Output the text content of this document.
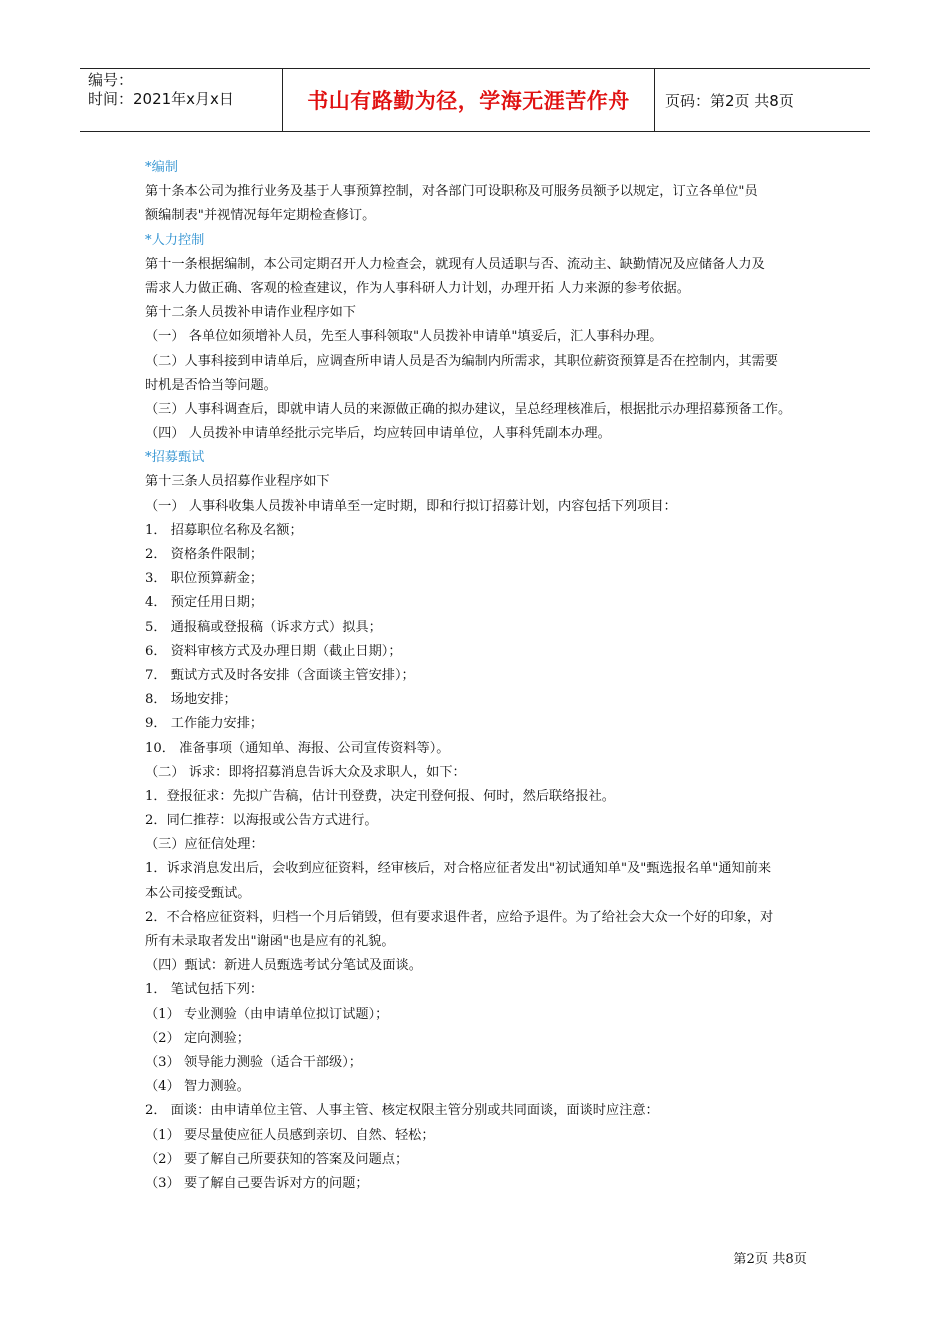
编号：
时间：2021年x月x日	书山有路勤为径，学海无涯苦作舟 页码：第2页 共8页
*编制
第十条本公司为推行业务及基于人事预算控制，对各部门可设职称及可服务员额予以规定，订立各单位"员
额编制表"并视情况每年定期检查修订。
*人力控制
第十一条根据编制，本公司定期召开人力检查会，就现有人员适职与否、流动主、缺勤情况及应储备人力及
需求人力做正确、客观的检查建议，作为人事科研人力计划，办理开拓 人力来源的参考依据。
第十二条人员拨补申请作业程序如下
（一） 各单位如须增补人员，先至人事科领取"人员拨补申请单"填妥后，汇人事科办理。
（二）人事科接到申请单后，应调查所申请人员是否为编制内所需求，其职位薪资预算是否在控制内，其需要
时机是否恰当等问题。
（三）人事科调查后，即就申请人员的来源做正确的拟办建议，呈总经理核准后，根据批示办理招募预备工作。
（四） 人员拨补申请单经批示完毕后，均应转回申请单位，人事科凭副本办理。
*招募甄试
第十三条人员招募作业程序如下
（一） 人事科收集人员拨补申请单至一定时期，即和行拟订招募计划，内容包括下列项目：
1． 招募职位名称及名额；
2． 资格条件限制；
3． 职位预算薪金；
4． 预定任用日期；
5． 通报稿或登报稿（诉求方式）拟具；
6． 资料审核方式及办理日期（截止日期）；
7． 甄试方式及时各安排（含面谈主管安排）；
8． 场地安排；
9． 工作能力安排；
10． 准备事项（通知单、海报、公司宣传资料等）。
（二） 诉求：即将招募消息告诉大众及求职人，如下：
1．登报征求：先拟广告稿，估计刊登费，决定刊登何报、何时，然后联络报社。
2．同仁推荐：以海报或公告方式进行。
（三）应征信处理：
1．诉求消息发出后，会收到应征资料，经审核后，对合格应征者发出"初试通知单"及"甄选报名单"通知前来
本公司接受甄试。
2．不合格应征资料，归档一个月后销毁，但有要求退件者，应给予退件。为了给社会大众一个好的印象，对
所有未录取者发出"谢函"也是应有的礼貌。
（四）甄试：新进人员甄选考试分笔试及面谈。
1． 笔试包括下列：
（1） 专业测验（由申请单位拟订试题）；
（2） 定向测验；
（3） 领导能力测验（适合干部级）；
（4） 智力测验。
2． 面谈：由申请单位主管、人事主管、核定权限主管分别或共同面谈，面谈时应注意：
（1） 要尽量使应征人员感到亲切、自然、轻松；
（2） 要了解自己所要获知的答案及问题点；
（3） 要了解自己要告诉对方的问题；
第2页 共8页
